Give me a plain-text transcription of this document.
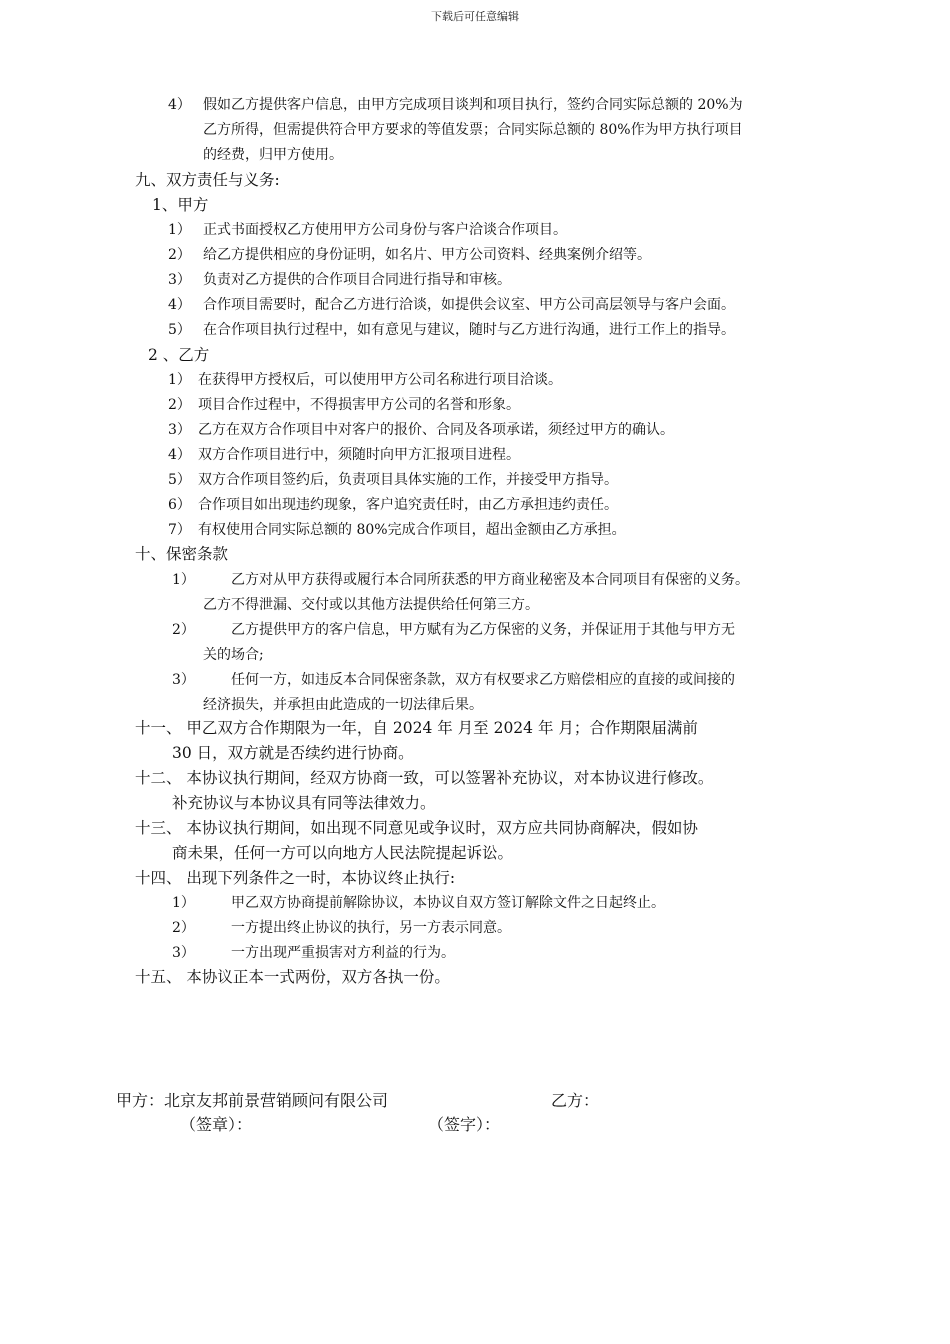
下载后可任意编辑
4） 假如乙方提供客户信息，由甲方完成项目谈判和项目执行，签约合同实际总额的 20%为
乙方所得，但需提供符合甲方要求的等值发票；合同实际总额的 80%作为甲方执行项目
的经费，归甲方使用。
九、双方责任与义务:
1、甲方
1） 正式书面授权乙方使用甲方公司身份与客户洽谈合作项目。
2） 给乙方提供相应的身份证明，如名片、甲方公司资料、经典案例介绍等。
3） 负责对乙方提供的合作项目合同进行指导和审核。
4） 合作项目需要时，配合乙方进行洽谈，如提供会议室、甲方公司高层领导与客户会面。
5） 在合作项目执行过程中，如有意见与建议，随时与乙方进行沟通，进行工作上的指导。
2 、乙方
1） 在获得甲方授权后，可以使用甲方公司名称进行项目洽谈。
2） 项目合作过程中，不得损害甲方公司的名誉和形象。
3） 乙方在双方合作项目中对客户的报价、合同及各项承诺，须经过甲方的确认。
4） 双方合作项目进行中，须随时向甲方汇报项目进程。
5） 双方合作项目签约后，负责项目具体实施的工作，并接受甲方指导。
6） 合作项目如出现违约现象，客户追究责任时，由乙方承担违约责任。
7） 有权使用合同实际总额的 80%完成合作项目，超出金额由乙方承担。
十、保密条款
1）	乙方对从甲方获得或履行本合同所获悉的甲方商业秘密及本合同项目有保密的义务。
乙方不得泄漏、交付或以其他方法提供给任何第三方。
2）	乙方提供甲方的客户信息，甲方赋有为乙方保密的义务，并保证用于其他与甲方无
关的场合;
3）	任何一方，如违反本合同保密条款，双方有权要求乙方赔偿相应的直接的或间接的
经济损失，并承担由此造成的一切法律后果。
十一、 甲乙双方合作期限为一年，自 2024 年 月至 2024 年 月；合作期限届满前
30 日，双方就是否续约进行协商。
十二、 本协议执行期间，经双方协商一致，可以签署补充协议，对本协议进行修改。
补充协议与本协议具有同等法律效力。
十三、 本协议执行期间，如出现不同意见或争议时，双方应共同协商解决，假如协
商未果，任何一方可以向地方人民法院提起诉讼。
十四、 出现下列条件之一时，本协议终止执行:
1）	甲乙双方协商提前解除协议，本协议自双方签订解除文件之日起终止。
2）	一方提出终止协议的执行，另一方表示同意。
3）	一方出现严重损害对方利益的行为。
十五、 本协议正本一式两份，双方各执一份。
甲方：北京友邦前景营销顾问有限公司	乙方：
（签章）：	（签字）：
